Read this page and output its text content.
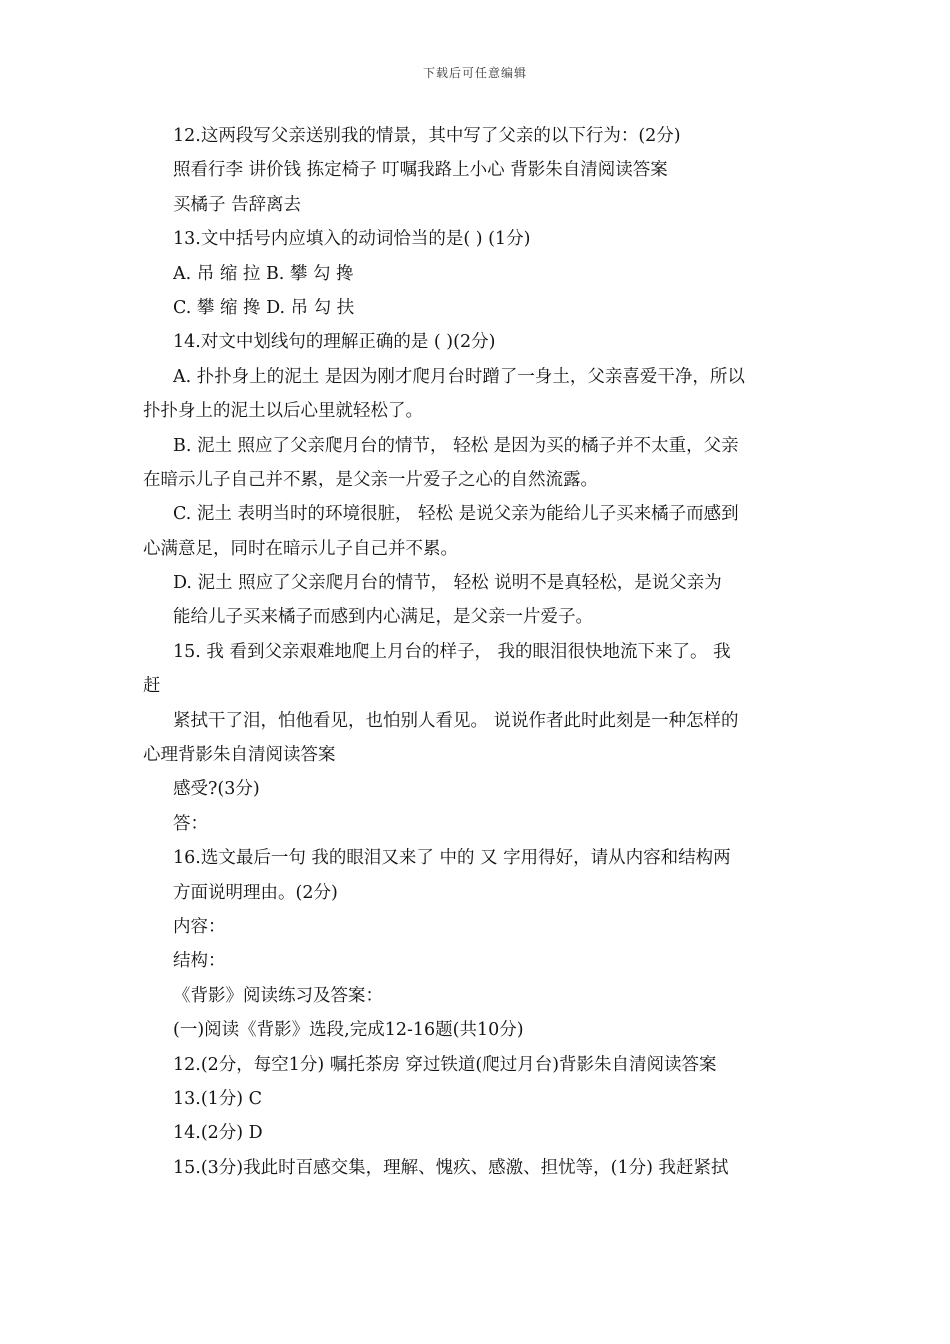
下载后可任意编辑
12.这两段写父亲送别我的情景，其中写了父亲的以下行为：(2分)
照看行李 讲价钱 拣定椅子 叮嘱我路上小心 背影朱自清阅读答案
买橘子 告辞离去
13.文中括号内应填入的动词恰当的是( ) (1分)
A. 吊 缩 拉 B. 攀 勾 搀
C. 攀 缩 搀 D. 吊 勾 扶
14.对文中划线句的理解正确的是 ( )(2分)
A. 扑扑身上的泥土 是因为刚才爬月台时蹭了一身土，父亲喜爱干净，所以
扑扑身上的泥土以后心里就轻松了。
B. 泥土 照应了父亲爬月台的情节， 轻松 是因为买的橘子并不太重，父亲
在暗示儿子自己并不累，是父亲一片爱子之心的自然流露。
C. 泥土 表明当时的环境很脏， 轻松 是说父亲为能给儿子买来橘子而感到
心满意足，同时在暗示儿子自己并不累。
D. 泥土 照应了父亲爬月台的情节， 轻松 说明不是真轻松，是说父亲为
能给儿子买来橘子而感到内心满足，是父亲一片爱子。
15. 我 看到父亲艰难地爬上月台的样子， 我的眼泪很快地流下来了。 我
赶
紧拭干了泪，怕他看见，也怕别人看见。 说说作者此时此刻是一种怎样的
心理背影朱自清阅读答案
感受?(3分)
答：
16.选文最后一句 我的眼泪又来了 中的 又 字用得好，请从内容和结构两
方面说明理由。(2分)
内容：
结构：
《背影》阅读练习及答案：
(一)阅读《背影》选段,完成12-16题(共10分)
12.(2分，每空1分) 嘱托茶房 穿过铁道(爬过月台)背影朱自清阅读答案
13.(1分) C
14.(2分) D
15.(3分)我此时百感交集，理解、愧疚、感激、担忧等，(1分) 我赶紧拭
